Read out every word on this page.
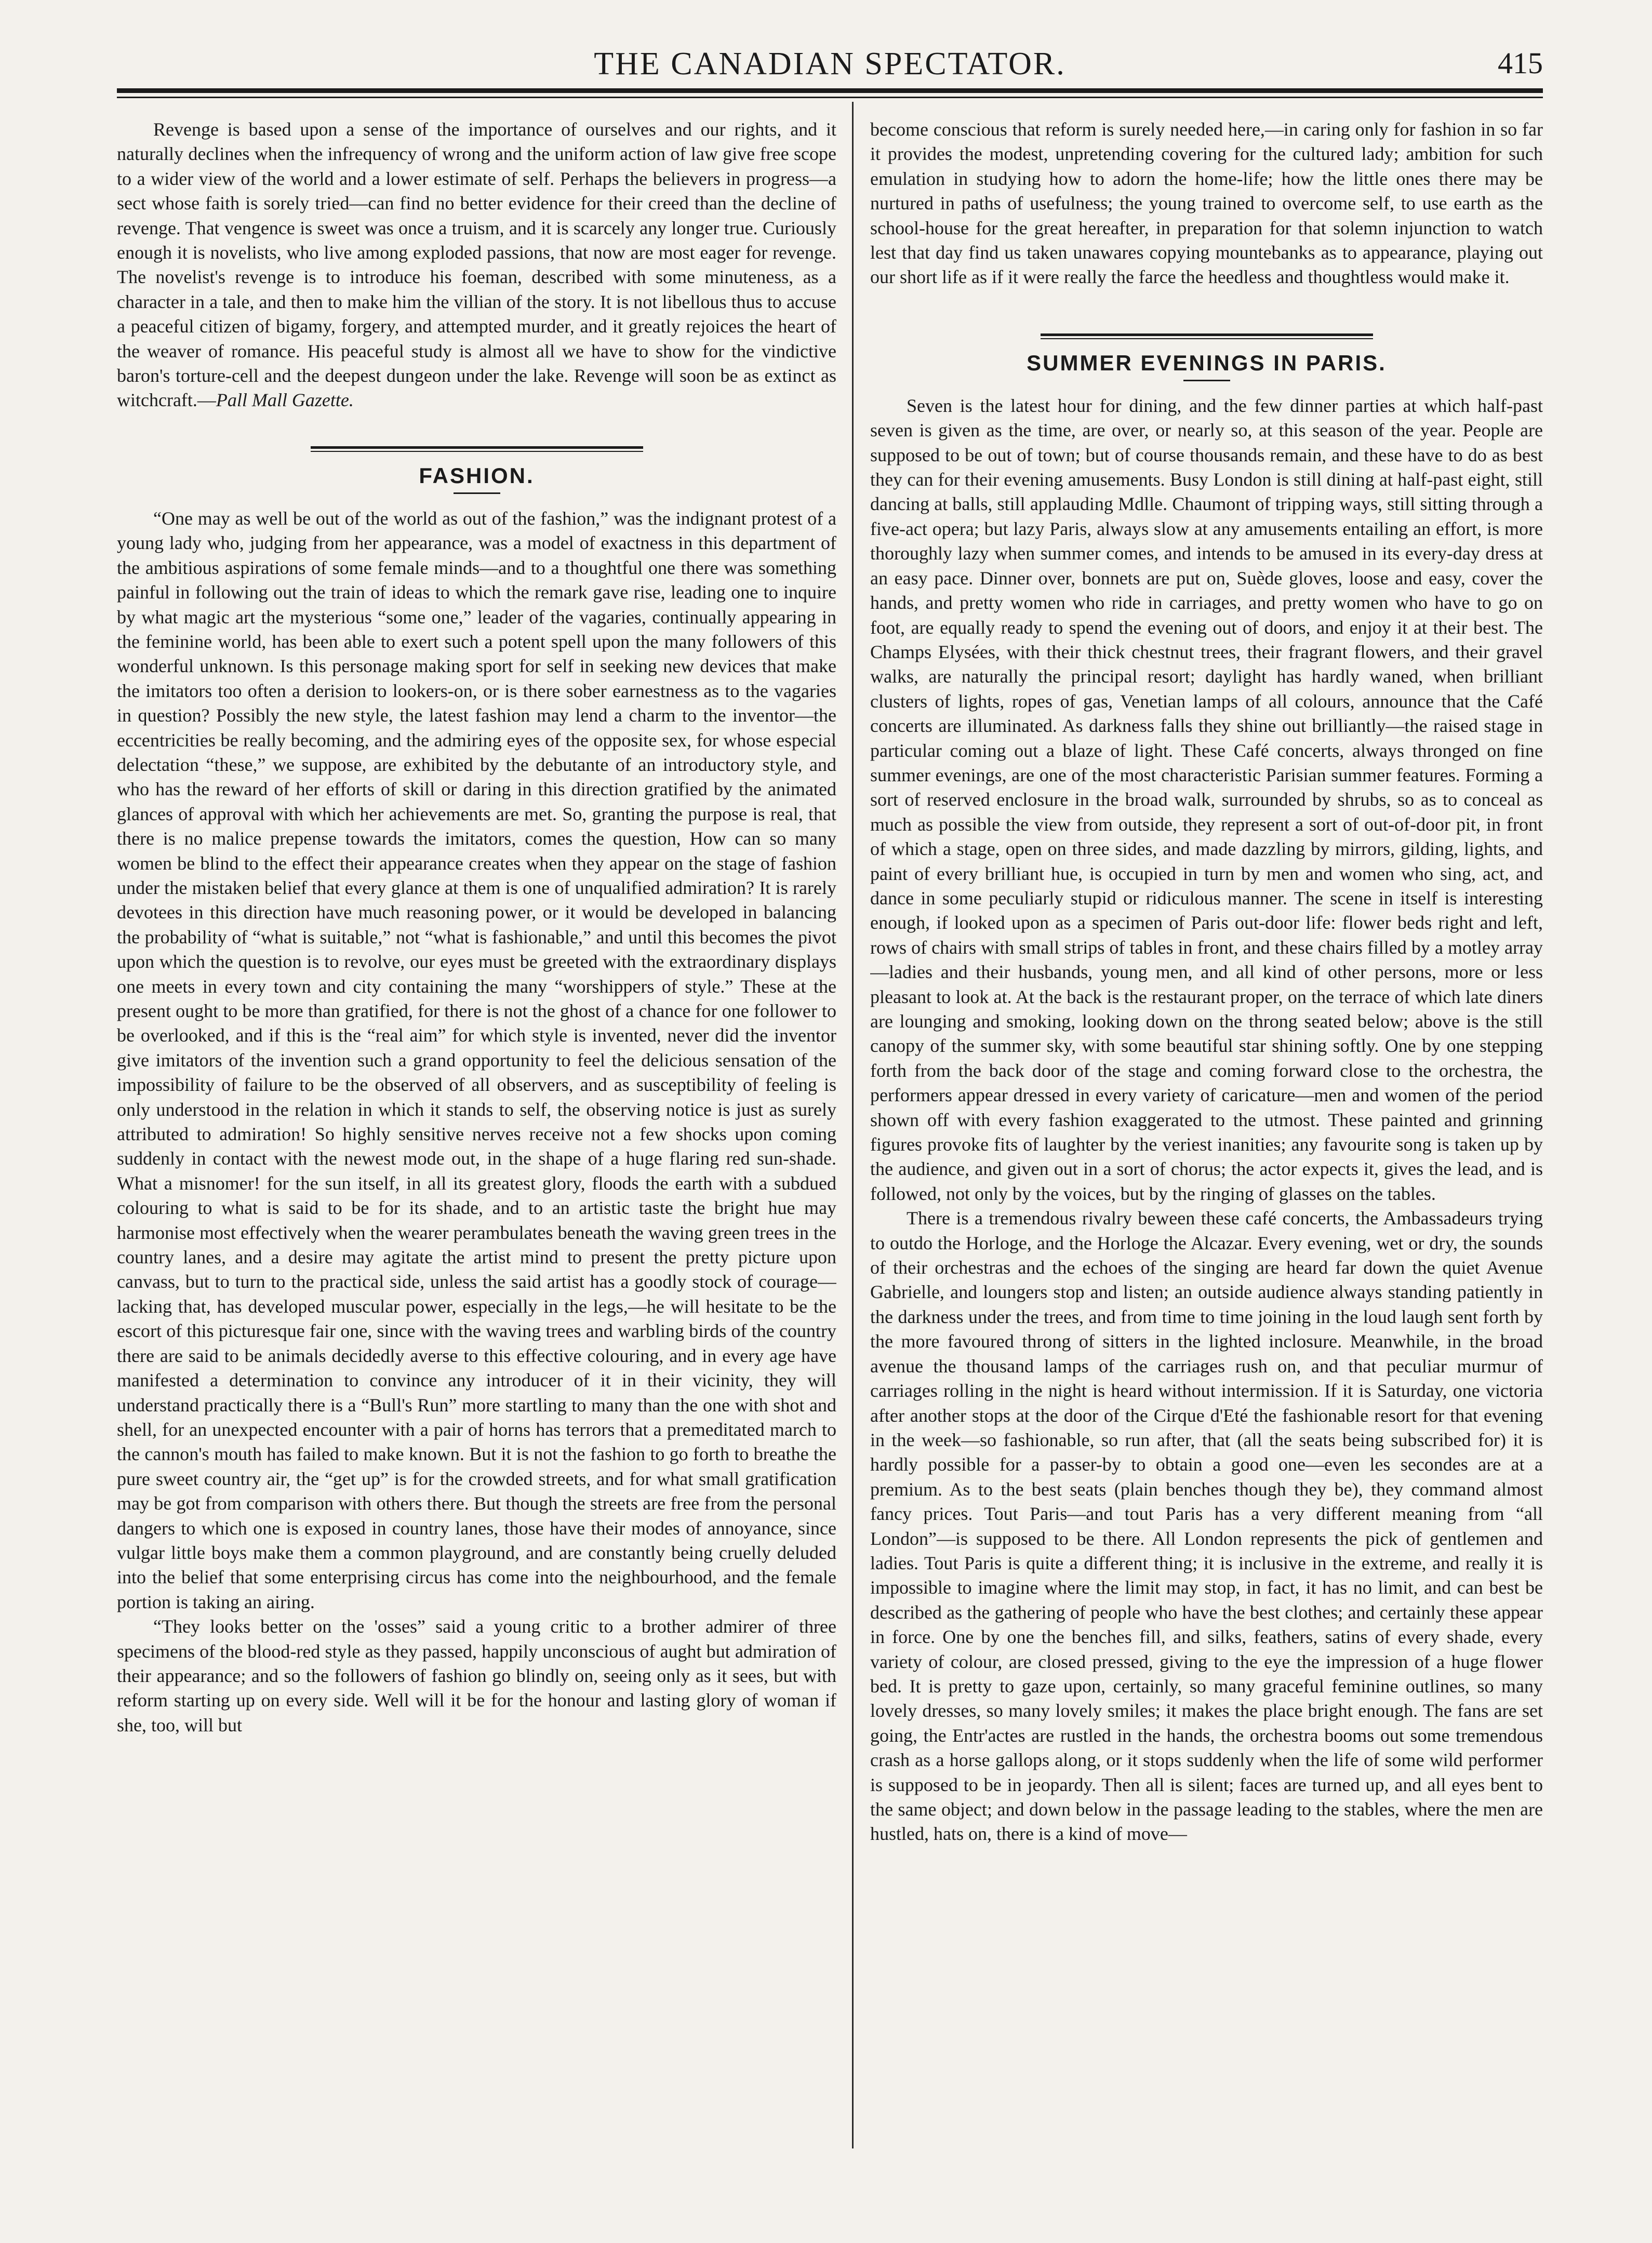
THE CANADIAN SPECTATOR.	415

Revenge is based upon a sense of the importance of ourselves and our rights, and it naturally declines when the infrequency of wrong and the uniform action of law give free scope to a wider view of the world and a lower estimate of self. Perhaps the believers in progress—a sect whose faith is sorely tried—can find no better evidence for their creed than the decline of revenge. That vengence is sweet was once a truism, and it is scarcely any longer true. Curiously enough it is novelists, who live among exploded passions, that now are most eager for revenge. The novelist's revenge is to introduce his foeman, described with some minuteness, as a character in a tale, and then to make him the villian of the story. It is not libellous thus to accuse a peaceful citizen of bigamy, forgery, and attempted murder, and it greatly rejoices the heart of the weaver of romance. His peaceful study is almost all we have to show for the vindictive baron's torture-cell and the deepest dungeon under the lake. Revenge will soon be as extinct as witchcraft.—Pall Mall Gazette.

FASHION.

“One may as well be out of the world as out of the fashion,” was the indignant protest of a young lady who, judging from her appearance, was a model of exactness in this department of the ambitious aspirations of some female minds—and to a thoughtful one there was something painful in following out the train of ideas to which the remark gave rise, leading one to inquire by what magic art the mysterious “some one,” leader of the vagaries, continually appearing in the feminine world, has been able to exert such a potent spell upon the many followers of this wonderful unknown. Is this personage making sport for self in seeking new devices that make the imitators too often a derision to lookers-on, or is there sober earnestness as to the vagaries in question? Possibly the new style, the latest fashion may lend a charm to the inventor—the eccentricities be really becoming, and the admiring eyes of the opposite sex, for whose especial delectation “these,” we suppose, are exhibited by the debutante of an introductory style, and who has the reward of her efforts of skill or daring in this direction gratified by the animated glances of approval with which her achievements are met. So, granting the purpose is real, that there is no malice prepense towards the imitators, comes the question, How can so many women be blind to the effect their appearance creates when they appear on the stage of fashion under the mistaken belief that every glance at them is one of unqualified admiration? It is rarely devotees in this direction have much reasoning power, or it would be developed in balancing the probability of “what is suitable,” not “what is fashionable,” and until this becomes the pivot upon which the question is to revolve, our eyes must be greeted with the extraordinary displays one meets in every town and city containing the many “worshippers of style.” These at the present ought to be more than gratified, for there is not the ghost of a chance for one follower to be overlooked, and if this is the “real aim” for which style is invented, never did the inventor give imitators of the invention such a grand opportunity to feel the delicious sensation of the impossibility of failure to be the observed of all observers, and as susceptibility of feeling is only understood in the relation in which it stands to self, the observing notice is just as surely attributed to admiration! So highly sensitive nerves receive not a few shocks upon coming suddenly in contact with the newest mode out, in the shape of a huge flaring red sun-shade. What a misnomer! for the sun itself, in all its greatest glory, floods the earth with a subdued colouring to what is said to be for its shade, and to an artistic taste the bright hue may harmonise most effectively when the wearer perambulates beneath the waving green trees in the country lanes, and a desire may agitate the artist mind to present the pretty picture upon canvass, but to turn to the practical side, unless the said artist has a goodly stock of courage—lacking that, has developed muscular power, especially in the legs,—he will hesitate to be the escort of this picturesque fair one, since with the waving trees and warbling birds of the country there are said to be animals decidedly averse to this effective colouring, and in every age have manifested a determination to convince any introducer of it in their vicinity, they will understand practically there is a “Bull's Run” more startling to many than the one with shot and shell, for an unexpected encounter with a pair of horns has terrors that a premeditated march to the cannon's mouth has failed to make known. But it is not the fashion to go forth to breathe the pure sweet country air, the “get up” is for the crowded streets, and for what small gratification may be got from comparison with others there. But though the streets are free from the personal dangers to which one is exposed in country lanes, those have their modes of annoyance, since vulgar little boys make them a common playground, and are constantly being cruelly deluded into the belief that some enterprising circus has come into the neighbourhood, and the female portion is taking an airing.

“They looks better on the 'osses” said a young critic to a brother admirer of three specimens of the blood-red style as they passed, happily unconscious of aught but admiration of their appearance; and so the followers of fashion go blindly on, seeing only as it sees, but with reform starting up on every side. Well will it be for the honour and lasting glory of woman if she, too, will but

become conscious that reform is surely needed here,—in caring only for fashion in so far it provides the modest, unpretending covering for the cultured lady; ambition for such emulation in studying how to adorn the home-life; how the little ones there may be nurtured in paths of usefulness; the young trained to overcome self, to use earth as the school-house for the great hereafter, in preparation for that solemn injunction to watch lest that day find us taken unawares copying mountebanks as to appearance, playing out our short life as if it were really the farce the heedless and thoughtless would make it.

SUMMER EVENINGS IN PARIS.

Seven is the latest hour for dining, and the few dinner parties at which half-past seven is given as the time, are over, or nearly so, at this season of the year. People are supposed to be out of town; but of course thousands remain, and these have to do as best they can for their evening amusements. Busy London is still dining at half-past eight, still dancing at balls, still applauding Mdlle. Chaumont of tripping ways, still sitting through a five-act opera; but lazy Paris, always slow at any amusements entailing an effort, is more thoroughly lazy when summer comes, and intends to be amused in its every-day dress at an easy pace. Dinner over, bonnets are put on, Suède gloves, loose and easy, cover the hands, and pretty women who ride in carriages, and pretty women who have to go on foot, are equally ready to spend the evening out of doors, and enjoy it at their best. The Champs Elysées, with their thick chestnut trees, their fragrant flowers, and their gravel walks, are naturally the principal resort; daylight has hardly waned, when brilliant clusters of lights, ropes of gas, Venetian lamps of all colours, announce that the Café concerts are illuminated. As darkness falls they shine out brilliantly—the raised stage in particular coming out a blaze of light. These Café concerts, always thronged on fine summer evenings, are one of the most characteristic Parisian summer features. Forming a sort of reserved enclosure in the broad walk, surrounded by shrubs, so as to conceal as much as possible the view from outside, they represent a sort of out-of-door pit, in front of which a stage, open on three sides, and made dazzling by mirrors, gilding, lights, and paint of every brilliant hue, is occupied in turn by men and women who sing, act, and dance in some peculiarly stupid or ridiculous manner. The scene in itself is interesting enough, if looked upon as a specimen of Paris out-door life: flower beds right and left, rows of chairs with small strips of tables in front, and these chairs filled by a motley array—ladies and their husbands, young men, and all kind of other persons, more or less pleasant to look at. At the back is the restaurant proper, on the terrace of which late diners are lounging and smoking, looking down on the throng seated below; above is the still canopy of the summer sky, with some beautiful star shining softly. One by one stepping forth from the back door of the stage and coming forward close to the orchestra, the performers appear dressed in every variety of caricature—men and women of the period shown off with every fashion exaggerated to the utmost. These painted and grinning figures provoke fits of laughter by the veriest inanities; any favourite song is taken up by the audience, and given out in a sort of chorus; the actor expects it, gives the lead, and is followed, not only by the voices, but by the ringing of glasses on the tables.

There is a tremendous rivalry beween these café concerts, the Ambassadeurs trying to outdo the Horloge, and the Horloge the Alcazar. Every evening, wet or dry, the sounds of their orchestras and the echoes of the singing are heard far down the quiet Avenue Gabrielle, and loungers stop and listen; an outside audience always standing patiently in the darkness under the trees, and from time to time joining in the loud laugh sent forth by the more favoured throng of sitters in the lighted inclosure. Meanwhile, in the broad avenue the thousand lamps of the carriages rush on, and that peculiar murmur of carriages rolling in the night is heard without intermission. If it is Saturday, one victoria after another stops at the door of the Cirque d'Eté the fashionable resort for that evening in the week—so fashionable, so run after, that (all the seats being subscribed for) it is hardly possible for a passer-by to obtain a good one—even les secondes are at a premium. As to the best seats (plain benches though they be), they command almost fancy prices. Tout Paris—and tout Paris has a very different meaning from “all London”—is supposed to be there. All London represents the pick of gentlemen and ladies. Tout Paris is quite a different thing; it is inclusive in the extreme, and really it is impossible to imagine where the limit may stop, in fact, it has no limit, and can best be described as the gathering of people who have the best clothes; and certainly these appear in force. One by one the benches fill, and silks, feathers, satins of every shade, every variety of colour, are closed pressed, giving to the eye the impression of a huge flower bed. It is pretty to gaze upon, certainly, so many graceful feminine outlines, so many lovely dresses, so many lovely smiles; it makes the place bright enough. The fans are set going, the Entr'actes are rustled in the hands, the orchestra booms out some tremendous crash as a horse gallops along, or it stops suddenly when the life of some wild performer is supposed to be in jeopardy. Then all is silent; faces are turned up, and all eyes bent to the same object; and down below in the passage leading to the stables, where the men are hustled, hats on, there is a kind of move—
